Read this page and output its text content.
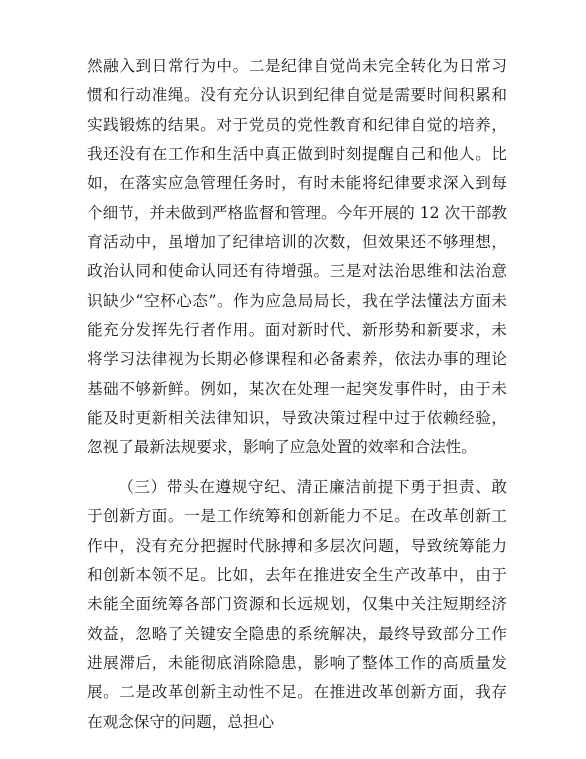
然融入到日常行为中。二是纪律自觉尚未完全转化为日常习惯和行动准绳。没有充分认识到纪律自觉是需要时间积累和实践锻炼的结果。对于党员的党性教育和纪律自觉的培养，我还没有在工作和生活中真正做到时刻提醒自己和他人。比如，在落实应急管理任务时，有时未能将纪律要求深入到每个细节，并未做到严格监督和管理。今年开展的 12 次干部教育活动中，虽增加了纪律培训的次数，但效果还不够理想，政治认同和使命认同还有待增强。三是对法治思维和法治意识缺少“空杯心态”。作为应急局局长，我在学法懂法方面未能充分发挥先行者作用。面对新时代、新形势和新要求，未将学习法律视为长期必修课程和必备素养，依法办事的理论基础不够新鲜。例如，某次在处理一起突发事件时，由于未能及时更新相关法律知识，导致决策过程中过于依赖经验，忽视了最新法规要求，影响了应急处置的效率和合法性。

（三）带头在遵规守纪、清正廉洁前提下勇于担责、敢于创新方面。一是工作统筹和创新能力不足。在改革创新工作中，没有充分把握时代脉搏和多层次问题，导致统筹能力和创新本领不足。比如，去年在推进安全生产改革中，由于未能全面统筹各部门资源和长远规划，仅集中关注短期经济效益，忽略了关键安全隐患的系统解决，最终导致部分工作进展滞后，未能彻底消除隐患，影响了整体工作的高质量发展。二是改革创新主动性不足。在推进改革创新方面，我存在观念保守的问题，总担心
